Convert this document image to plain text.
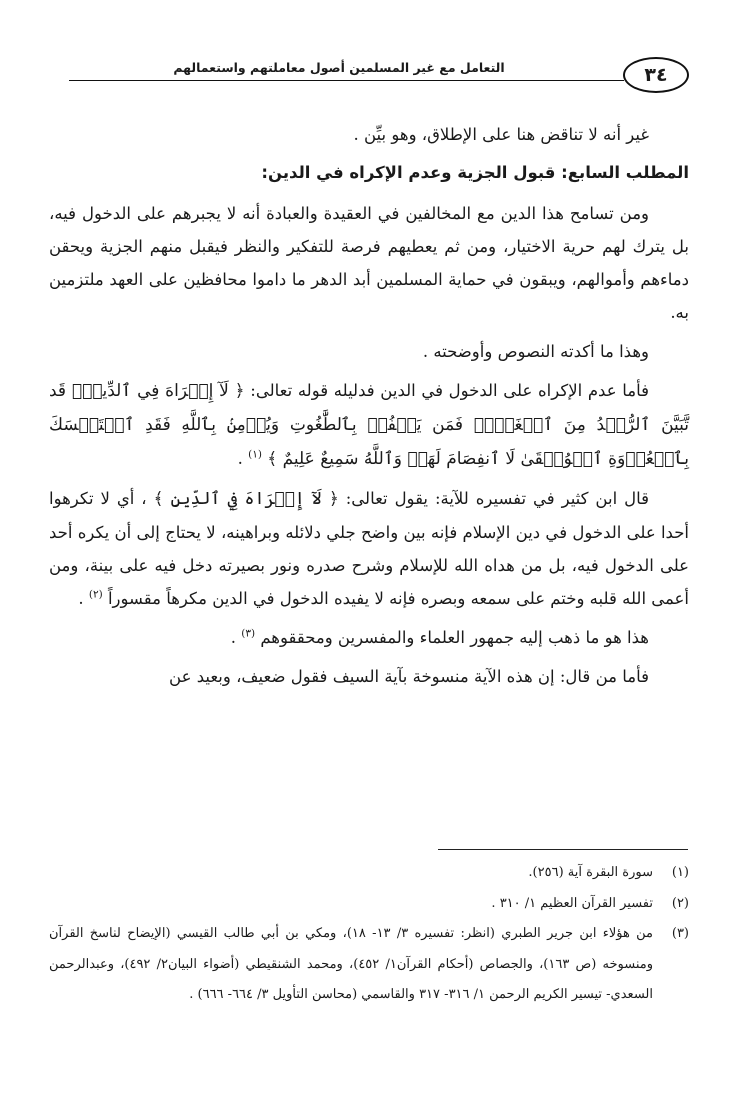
التعامل مع غير المسلمين أصول معاملتهم واستعمالهم	٣٤

غير أنه لا تناقض هنا على الإطلاق، وهو بيِّن .

المطلب السابع: قبول الجزية وعدم الإكراه في الدين:

ومن تسامح هذا الدين مع المخالفين في العقيدة والعبادة أنه لا يجبرهم على الدخول فيه، بل يترك لهم حرية الاختيار، ومن ثم يعطيهم فرصة للتفكير والنظر فيقبل منهم الجزية ويحقن دماءهم وأموالهم، ويبقون في حماية المسلمين أبد الدهر ما داموا محافظين على العهد ملتزمين به.

وهذا ما أكدته النصوص وأوضحته .

فأما عدم الإكراه على الدخول في الدين فدليله قوله تعالى: ﴿ لَآ إِكۡرَاهَ فِي ٱلدِّينِۖ قَد تَّبَيَّنَ ٱلرُّشۡدُ مِنَ ٱلۡغَيِّۚ فَمَن يَكۡفُرۡ بِٱلطَّٰغُوتِ وَيُؤۡمِنۢ بِٱللَّهِ فَقَدِ ٱسۡتَمۡسَكَ بِٱلۡعُرۡوَةِ ٱلۡوُثۡقَىٰ لَا ٱنفِصَامَ لَهَاۗ وَٱللَّهُ سَمِيعٌ عَلِيمٌ ﴾ $^{(١)}$ .

قال ابن كثير في تفسيره للآية: يقول تعالى: ﴿ لَآ إِكۡرَاهَ فِي ٱلدِّينِ ﴾ ، أي لا تكرهوا أحدا على الدخول في دين الإسلام فإنه بين واضح جلي دلائله وبراهينه، لا يحتاج إلى أن يكره أحد على الدخول فيه، بل من هداه الله للإسلام وشرح صدره ونور بصيرته دخل فيه على بينة، ومن أعمى الله قلبه وختم على سمعه وبصره فإنه لا يفيده الدخول في الدين مكرهاً مقسوراً $^{(٢)}$ .

هذا هو ما ذهب إليه جمهور العلماء والمفسرين ومحققوهم $^{(٣)}$ .

فأما من قال: إن هذه الآية منسوخة بآية السيف فقول ضعيف، وبعيد عن

(١)
سورة البقرة آية (٢٥٦).
(٢)
تفسير القرآن العظيم ١/ ٣١٠ .
(٣)
من هؤلاء ابن جرير الطبري (انظر: تفسيره ٣/ ١٣- ١٨)، ومكي بن أبي طالب القيسي (الإيضاح لناسخ القرآن ومنسوخه (ص ١٦٣)، والجصاص (أحكام القرآن١/ ٤٥٢)، ومحمد الشنقيطي (أضواء البيان٢/ ٤٩٢)، وعبدالرحمن السعدي- تيسير الكريم الرحمن ١/ ٣١٦- ٣١٧ والقاسمي (محاسن التأويل ٣/ ٦٦٤- ٦٦٦) .
